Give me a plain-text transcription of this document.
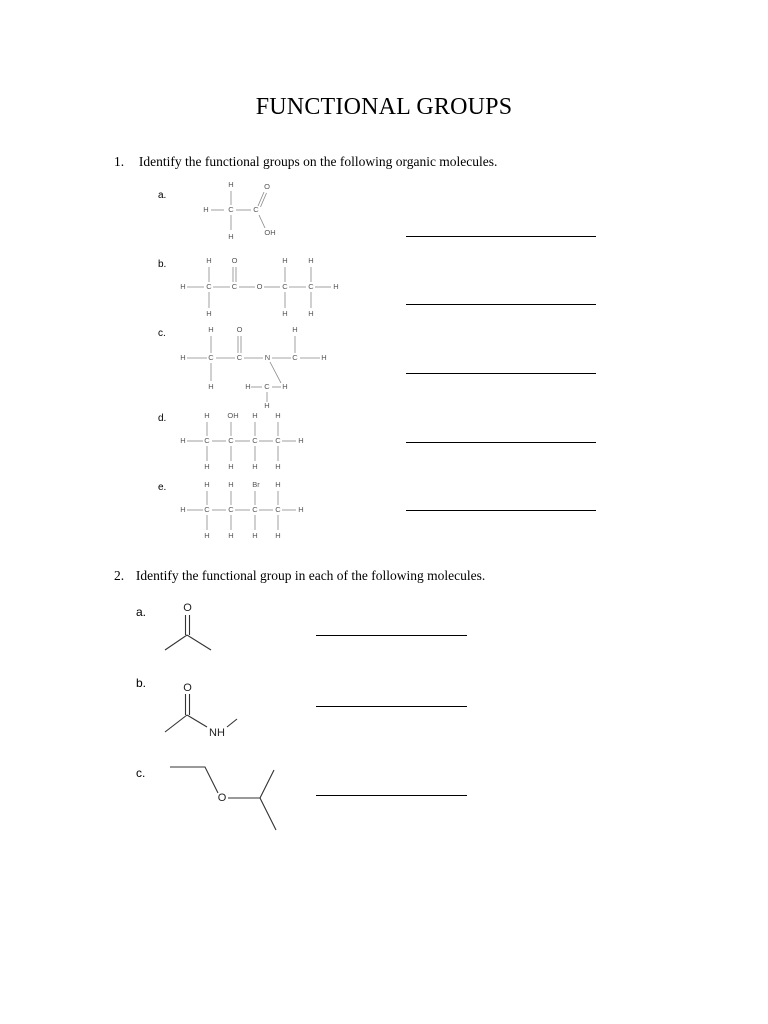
FUNCTIONAL GROUPS
1. Identify the functional groups on the following organic molecules.
a.
b.
c.
d.
e.
H
H
C
H
C
O
OH
H
H
C
H
O
C	O
H
C
H
H
C
H
H
H
H
C
H
O
C	N
H
C	H
H C H
H
H
H
C
H
OH
C
H
H
C
H
H
C
H
H
H
H
C
H
H
C
H
Br
C
H
H
C
H
H
2. Identify the functional group in each of the following molecules.
a.
b.
c.
O
O
NH
O
